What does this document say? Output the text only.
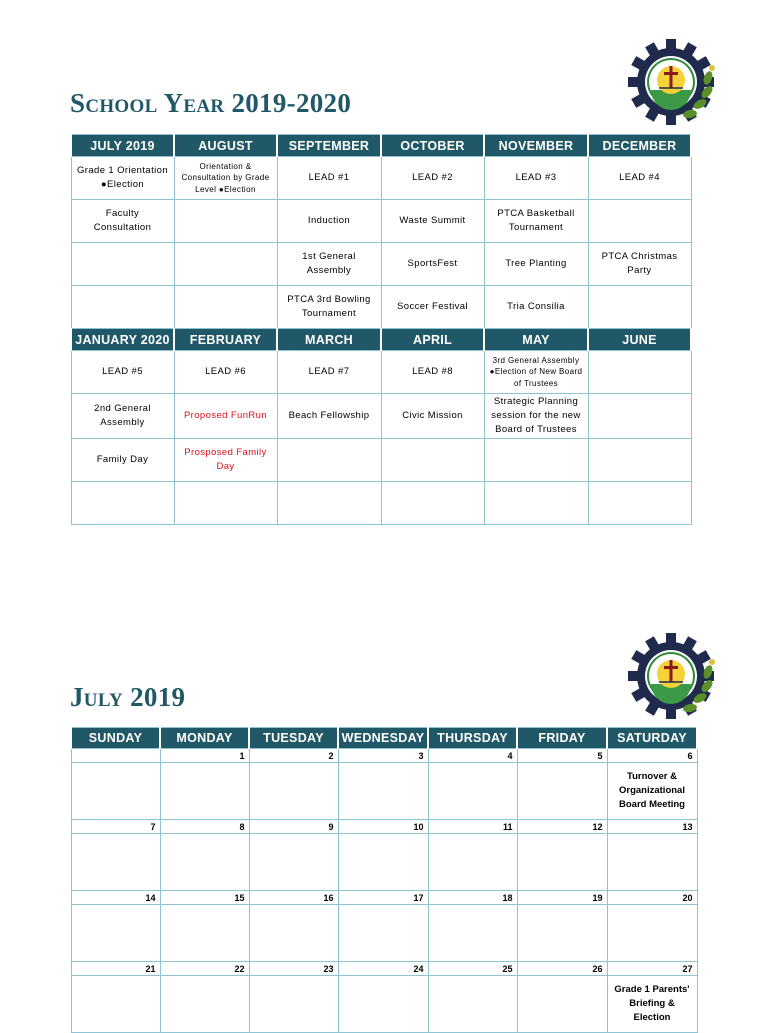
School Year 2019-2020
JULY 2019	AUGUST	SEPTEMBER	OCTOBER	NOVEMBER	DECEMBER
Grade 1 Orientation ●Election	Orientation & Consultation by Grade Level ●Election	LEAD #1	LEAD #2	LEAD #3	LEAD #4
Faculty Consultation		Induction	Waste Summit	PTCA Basketball Tournament	
		1st General Assembly	SportsFest	Tree Planting	PTCA Christmas Party
		PTCA 3rd Bowling Tournament	Soccer Festival	Tria Consilia	
JANUARY 2020	FEBRUARY	MARCH	APRIL	MAY	JUNE
LEAD #5	LEAD #6	LEAD #7	LEAD #8	3rd General Assembly ●Election of New Board of Trustees	
2nd General Assembly	Proposed FunRun	Beach Fellowship	Civic Mission	Strategic Planning session for the new Board of Trustees	
Family Day	Prosposed Family Day				

July 2019
SUNDAY	MONDAY	TUESDAY	WEDNESDAY	THURSDAY	FRIDAY	SATURDAY
	1	2	3	4	5	6
						Turnover & Organizational Board Meeting
7	8	9	10	11	12	13

14	15	16	17	18	19	20

21	22	23	24	25	26	27
						Grade 1 Parents' Briefing & Election
